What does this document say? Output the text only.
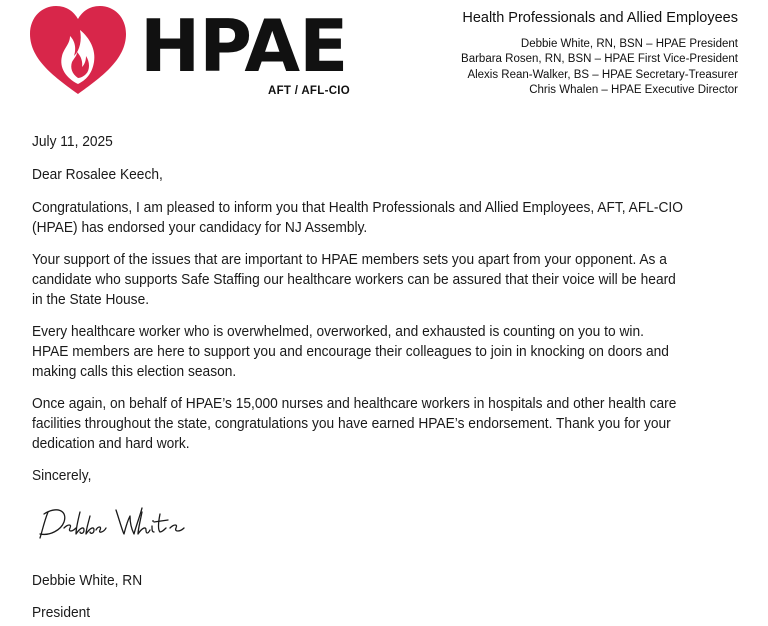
HPAE
AFT / AFL-CIO
Health Professionals and Allied Employees
Debbie White, RN, BSN – HPAE President
Barbara Rosen, RN, BSN – HPAE First Vice-President
Alexis Rean-Walker, BS – HPAE Secretary-Treasurer
Chris Whalen – HPAE Executive Director
July 11, 2025
Dear Rosalee Keech,
Congratulations, I am pleased to inform you that Health Professionals and Allied Employees, AFT, AFL-CIO (HPAE) has endorsed your candidacy for NJ Assembly.
Your support of the issues that are important to HPAE members sets you apart from your opponent. As a candidate who supports Safe Staffing our healthcare workers can be assured that their voice will be heard in the State House.
Every healthcare worker who is overwhelmed, overworked, and exhausted is counting on you to win. HPAE members are here to support you and encourage their colleagues to join in knocking on doors and making calls this election season.
Once again, on behalf of HPAE’s 15,000 nurses and healthcare workers in hospitals and other health care facilities throughout the state, congratulations you have earned HPAE’s endorsement. Thank you for your dedication and hard work.
Sincerely,
Debbie White, RN
President
